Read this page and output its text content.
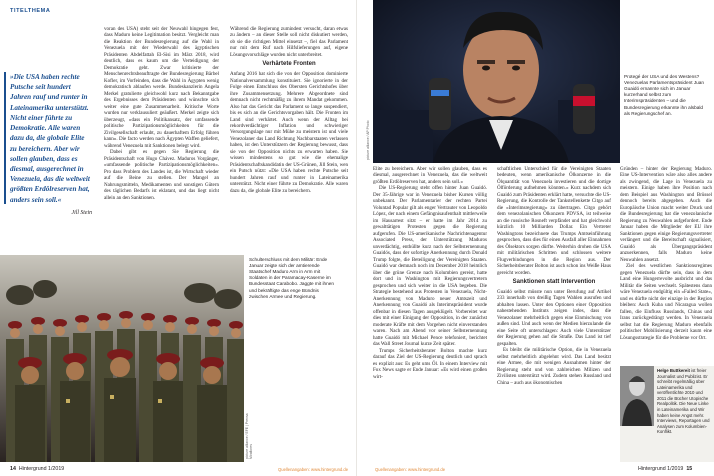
TITELTHEMA
»Die USA haben rechte Putsche seit hundert Jahren rauf und runter in Lateinamerika unterstützt. Nicht einer führte zu Demokratie. Alle waren dazu da, die globale Elite zu bereichern. Aber wir sollen glauben, dass es diesmal, ausgerechnet in Venezuela, das die weltweit größten Erdölreserven hat, anders sein soll.«
Jill Stein

voran des USA) steht seit der Neuwahl hingegen fest, dass Maduro keine Legitimation besitzt. Vergleicht man die Reaktion der Bundesregierung auf die Wahl in Venezuela mit der Wiederwahl des ägyptischen Präsidenten Abdelfattah El-Sisi im März 2018, wird deutlich, dass es kaum um die Verteidigung der Demokratie geht. Zwar kritisierte der Menschenrechtsbeauftragte der Bundesregierung Bärbel Kofler, im Vorfeinden, dass die Wahl in Ägypten wenig demokratisch ablaufen werde. Bundeskanzlerin Angela Merkel gratulierte gleichwohl kurz nach Bekanntgabe des Ergebnisses dem Präsidenten und wünschte sich weiter eine gute Zusammenarbeit. Kritische Worte wurden nur verklausuliert geäußert. Merkel zeigte sich überzeugt, »dass ein Politikansatz, der umfassende politische Partizipationsmöglichkeiten für die Zivilgesellschaft erlaubt, zu dauerhaftem Erfolg führen kann«. Die facto werden nach Ägypten Waffen geliefert, während Venezuela mit Sanktionen belegt wird.

Dabei gibt es gegen Sie Regierung die Präsidentschaft von Hugo Chávez. Maduros Vorgänger, »umfassende politische Partizipationsmöglichkeiten«. Pro dass Problem des Landes ist, die Wirtschaft wieder auf die Beine zu stellen. Der Mangel an Nahrungsmitteln, Medikamenten und sonstigen Gütern des täglichen Bedarfs ist eklatant, und das liegt nicht allein an den Sanktionen.

Während die Regierung zumindest versucht, daran etwas zu ändern – an dieser Stelle soll nicht diskutiert werden, ob sie die richtigen Mittel einsetzt –, fiel das Parlament nur mit dem Ruf nach Hilfslieferungen auf, eigene Lösungsvorschläge wurden nicht unterbreitet.

Verhärtete Fronten

Anfang 2016 hat sich die von der Opposition dominierte Nationalversammlung konstituiert. Sie ignorierte in der Folge einen Entschluss des Obersten Gerichtshofes über ihre Zusammensetzung. Mehrere Abgeordnete sind demnach nicht rechtmäßig zu ihrem Mandat gekommen. Also hat das Gericht das Parlament so lange suspendiert, bis es sich an die Gerichtsvorgaben hält. Die Fronten im Land sind verhärtet. Auch wenn der Alltag bei rekordverdächtiger Inflation und schwieriger Versorgungslage nur mit Mühe zu meistern ist und viele Venezolaner das Land Richtung Nachbarstaaten verlassen haben, ist den Unterstützern der Regierung bewusst, dass sie von der Opposition nichts zu erwarten haben. Sie wissen mindestens so gut wie die ehemalige Präsidentschaftskandidatin der US-Grünen, Jill Stein, wen ein Putsch nützt: »Die USA haben rechte Putsche seit hundert Jahren rauf und runter in Lateinamerika unterstützt. Nicht einer führte zu Demokratie. Alle waren dazu da, die globale Elite zu bereichern.

picture alliance / EFE | Prensa Miraflores
Schulterschluss mit dem Militär: Ende Januar zeigte sich der amtierende Staatschef Maduro Arm in Arm mit Soldaten in der Paramacay-Kaserne im Bundesstaat Carabobo. Jaggte mit ihnen und bekräftigte das enge Bündnis zwischen Armee und Regierung.
14 Hintergrund 1/2019	Quellenangaben: www.hintergrund.de
picture alliance / AP Photo
Protegé der USA und des Westens? Venezuelas Parlamentspräsident Juan Guaidó ernannte sich im Januar kurzerhand selbst zum Interimspräsidenten – und die Bundesregierung erkannte ihn alsbald als Regierungschef an.

Elite zu bereichern. Aber wir sollen glauben, dass es diesmal, ausgerechnet in Venezuela, das die weltweit größten Erdölreserven hat, anders sein soll.«

Die US-Regierung steht offen hinter Juan Guaidó. Der 35-Jährige war in Venezuela bisher Kursen völlig unbekannt. Der Parlamentarier der rechten Partei Voluntad Popular gilt als enger Vertrauter von Leopoldo López, der nach einem Gefängnisaufenthalt mittlerweile im Hausarrest sitzt – er hatte im Jahr 2014 zu gewalttätigen Protesten gegen die Regierung aufgerufen. Die US-amerikanische Nachrichtenagentur Associated Press, der Unterstützung Maduros unverdächtig, enthüllte kurz nach der Selbsternennung Guaidós, dass der sofortige Anerkennung durch Donald Trump folgte, die Beteiligung der Vereinigten Staaten. Guaidó war demnach noch im Dezember 2018 heimlich über die grüne Grenze nach Kolumbien gereist, hatte dort und in Washington mit Regierungsvertretern gesprochen und sich weiter in die USA begeben. Die Strategie bestehend aus Protesten in Venezuela, Nicht-Anerkennung von Maduro neuer Amtszeit und Anerkennung von Guaidó als Interimspräsident wurde offenbar in diesen Tagen ausgeklügelt. Vorbereitet war dies mit einer Einigung der Opposition, in der zunächst moderate Kräfte mit dem Vorgehen nicht einverstanden waren. Nach am Abend vor seiner Selbsternennung hatte Guaidó mit Michael Pence telefoniert, berichtet das Wall Street Journal kurze Zeit später.

Trumps Sicherheitsberater Bolton machte kurz darauf das Ziel der US-Regierung deutlich und sprach es explizit aus: Es geht ums Öl. In einem Interview mit Fox News sagte er Ende Januar: »Es wird einen großen wirt-

schaftlichen Unterschied für die Vereinigten Staaten bedeuten, wenn amerikanische Ölkonzerne in die Ölquantität von Venezuela investieren und die dortige Ölförderung aufnehmen könnten.« Kurz nachdem sich Guaidó zum Präsidenten erklärt hatte, versuchte die US-Regierung, die Kontrolle der Tankstellenkette Citgo auf die »Interimsregierung« zu übertragen. Citgo gehört dem venezolanischen Ölkonzern PDVSA, ist teilweise an die russische Rosneft verpfändet und hat gleichwohl kürzlich 10 Milliarden Dollar. Ein Vertreter Washingtons bezeichnete das Trumps Amtseinführung gesprochen, dass dies für einen Ausfall aller Einnahmen des Ölsektors sorgen dürfte. Weiterhin drohen die USA mit militärischen Schritten und schlossen weitere Flugverbindungen in die Region aus. Der Sicherheitsberater Bolton ist auch schon ins Weiße Haus gereicht worden.

Sanktionen statt Intervention

Guaidó selbst müsste nun unter Berufung auf Artikel 233 innerhalb von dreißig Tagen Wahlen ausrufen und abhalten lassen. Unter den Optionen einer Opposition nahestehenden Instituts zeigen indes, dass die Venezolaner mehrheitlich gegen eine Einmischung von außen sind. Und auch wenn der Medien hierzulande die eine Seite oft unterschlagen: Auch viele Unterstützer der Regierung gehen auf die Straße. Das Land ist tief gespalten.

Es bleibt die militärische Option, die in Venezuela selbst mehrheitlich abgelehnt wird. Das Land besitzt eine Armee, die mit wenigen Ausnahmen hinter der Regierung steht und von zahlreichen Milizen und Zivilisten unterstützt wird. Zudem stehen Russland und China – auch aus ökonomischen

Gründen – hinter der Regierung Maduro. Eine US-Intervention wäre also alles andere als zwingend, die Lage in Venezuela zu meistern. Einige haben ihre Position nach dem Beispiel aus Washington und Brüssel dennoch bereits abgegeben. Auch die Europäische Union macht weiter Druck und die Bundesregierung hat die venezolanische Regierung zu Neuwahlen aufgefordert. Ende Januar haben die Mitglieder der EU ihre Sanktionen gegen einige Regierungsvertreter verlängert und die Bereitschaft signalisiert, Guaidó als Übergangspräsident anzuerkennen, falls Maduro keine Neuwahlen ansetzt.

Ziel des westlichen Sanktionsregimes gegen Venezuela dürfte sein, dass in dem Land eine Hungerrevolte ausbricht und das Militär die Seiten wechselt. Spätestens dann wäre Venezuela endgültig ein »Failed State«, und es dürfte nicht der einzige in der Region bleiben: Auch Kuba und Nicaragua wollen fallen, die Einfluss Russlands, Chinas und Irans zurückgedrängt werden. In Venezuela selbst hat die Regierung Maduro ebenfalls politischer Mobilisierung derzeit kaum eine Lösungsstrategie für die Probleme vor Ort.

Helge Buttkereit ist freier Journalist und Publizist. Er schreibt regelmäßig über Lateinamerika und veröffentlichte 2010 und 2011 die Bücher Utopische Realpolitik. Die Neue Linke in Lateinamerika und Wir haben keine Angst mehr. Interviews, Reportagen und Analysen zum Kolumbien-Konflikt.
Quellenangaben: www.hintergrund.de	Hintergrund 1/2019 15
